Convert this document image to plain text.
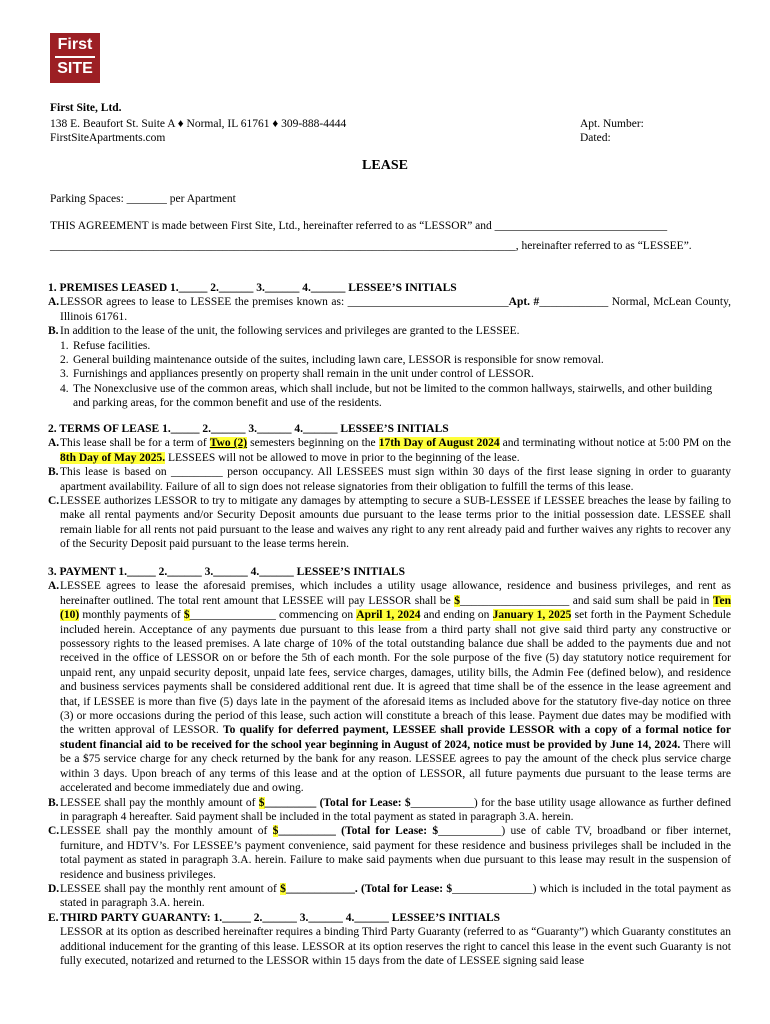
First
SITE
First Site, Ltd.
138 E. Beaufort St. Suite A ♦ Normal, IL 61761 ♦ 309-888-4444
FirstSiteApartments.com
Apt. Number:
Dated:
LEASE
Parking Spaces: _______ per Apartment
THIS AGREEMENT is made between First Site, Ltd., hereinafter referred to as “LESSOR” and ______________________________
_________________________________________________________________________________, hereinafter referred to as “LESSEE”.
1. PREMISES LEASED 1._____ 2.______ 3.______ 4.______ LESSEE’S INITIALS
A. LESSOR agrees to lease to LESSEE the premises known as: ____________________________Apt. #____________ Normal, McLean County, Illinois 61761.
B. In addition to the lease of the unit, the following services and privileges are granted to the LESSEE.
1. Refuse facilities.
2. General building maintenance outside of the suites, including lawn care, LESSOR is responsible for snow removal.
3. Furnishings and appliances presently on property shall remain in the unit under control of LESSOR.
4. The Nonexclusive use of the common areas, which shall include, but not be limited to the common hallways, stairwells, and other building and parking areas, for the common benefit and use of the residents.
2. TERMS OF LEASE 1._____ 2.______ 3.______ 4.______ LESSEE’S INITIALS
A. This lease shall be for a term of Two (2) semesters beginning on the 17th Day of August 2024 and terminating without notice at 5:00 PM on the 8th Day of May 2025. LESSEES will not be allowed to move in prior to the beginning of the lease.
B. This lease is based on _________ person occupancy. All LESSEES must sign within 30 days of the first lease signing in order to guaranty apartment availability. Failure of all to sign does not release signatories from their obligation to fulfill the terms of this lease.
C. LESSEE authorizes LESSOR to try to mitigate any damages by attempting to secure a SUB-LESSEE if LESSEE breaches the lease by failing to make all rental payments and/or Security Deposit amounts due pursuant to the lease terms prior to the initial possession date. LESSEE shall remain liable for all rents not paid pursuant to the lease and waives any right to any rent already paid and further waives any rights to recover any of the Security Deposit paid pursuant to the lease terms herein.
3. PAYMENT 1._____ 2.______ 3.______ 4.______ LESSEE’S INITIALS
A. LESSEE agrees to lease the aforesaid premises, which includes a utility usage allowance, residence and business privileges, and rent as hereinafter outlined. The total rent amount that LESSEE will pay LESSOR shall be $___________________ and said sum shall be paid in Ten (10) monthly payments of $_______________ commencing on April 1, 2024 and ending on January 1, 2025 set forth in the Payment Schedule included herein. Acceptance of any payments due pursuant to this lease from a third party shall not give said third party any constructive or possessory rights to the leased premises. A late charge of 10% of the total outstanding balance due shall be added to the payments due and not received in the office of LESSOR on or before the 5th of each month. For the sole purpose of the five (5) day statutory notice requirement for unpaid rent, any unpaid security deposit, unpaid late fees, service charges, damages, utility bills, the Admin Fee (defined below), and residence and business services payments shall be considered additional rent due. It is agreed that time shall be of the essence in the lease agreement and that, if LESSEE is more than five (5) days late in the payment of the aforesaid items as included above for the statutory five-day notice on three (3) or more occasions during the period of this lease, such action will constitute a breach of this lease. Payment due dates may be modified with the written approval of LESSOR. To qualify for deferred payment, LESSEE shall provide LESSOR with a copy of a formal notice for student financial aid to be received for the school year beginning in August of 2024, notice must be provided by June 14, 2024. There will be a $75 service charge for any check returned by the bank for any reason. LESSEE agrees to pay the amount of the check plus service charge within 3 days. Upon breach of any terms of this lease and at the option of LESSOR, all future payments due pursuant to the lease terms are accelerated and become immediately due and owing.
B. LESSEE shall pay the monthly amount of $_________ (Total for Lease: $___________) for the base utility usage allowance as further defined in paragraph 4 hereafter. Said payment shall be included in the total payment as stated in paragraph 3.A. herein.
C. LESSEE shall pay the monthly amount of $__________ (Total for Lease: $___________) use of cable TV, broadband or fiber internet, furniture, and HDTV’s. For LESSEE’s payment convenience, said payment for these residence and business privileges shall be included in the total payment as stated in paragraph 3.A. herein. Failure to make said payments when due pursuant to this lease may result in the suspension of residence and business privileges.
D. LESSEE shall pay the monthly rent amount of $____________. (Total for Lease: $______________) which is included in the total payment as stated in paragraph 3.A. herein.
E. THIRD PARTY GUARANTY: 1._____ 2.______ 3.______ 4.______ LESSEE’S INITIALS
LESSOR at its option as described hereinafter requires a binding Third Party Guaranty (referred to as “Guaranty”) which Guaranty constitutes an additional inducement for the granting of this lease. LESSOR at its option reserves the right to cancel this lease in the event such Guaranty is not fully executed, notarized and returned to the LESSOR within 15 days from the date of LESSEE signing said lease
